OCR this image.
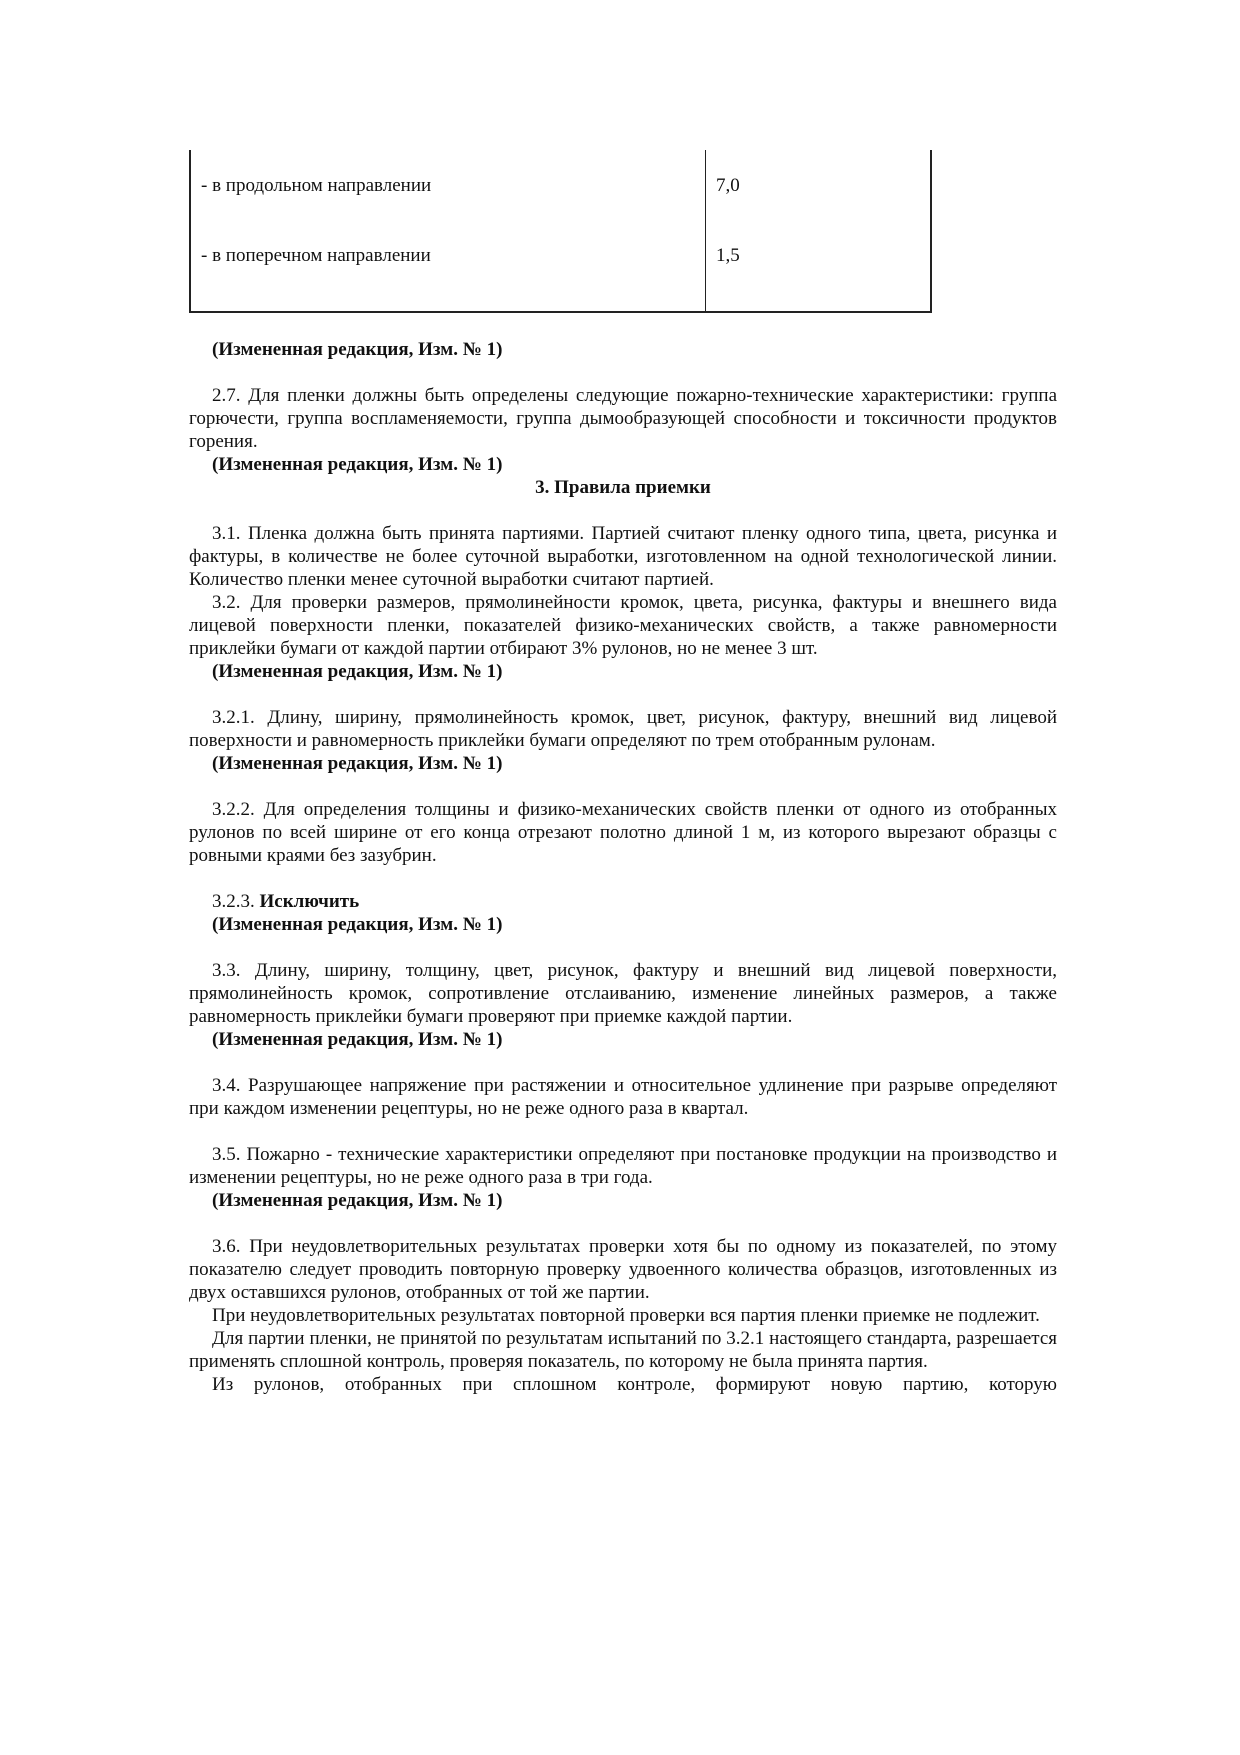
- в продольном направлении	7,0
- в поперечном направлении	1,5

(Измененная редакция, Изм. № 1)

2.7. Для пленки должны быть определены следующие пожарно-технические характеристики: группа горючести, группа воспламеняемости, группа дымообразующей способности и токсичности продуктов горения.

(Измененная редакция, Изм. № 1)

3. Правила приемки

3.1. Пленка должна быть принята партиями. Партией считают пленку одного типа, цвета, рисунка и фактуры, в количестве не более суточной выработки, изготовленном на одной технологической линии. Количество пленки менее суточной выработки считают партией.

3.2. Для проверки размеров, прямолинейности кромок, цвета, рисунка, фактуры и внешнего вида лицевой поверхности пленки, показателей физико-механических свойств, а также равномерности приклейки бумаги от каждой партии отбирают 3% рулонов, но не менее 3 шт.

(Измененная редакция, Изм. № 1)

3.2.1. Длину, ширину, прямолинейность кромок, цвет, рисунок, фактуру, внешний вид лицевой поверхности и равномерность приклейки бумаги определяют по трем отобранным рулонам.

(Измененная редакция, Изм. № 1)

3.2.2. Для определения толщины и физико-механических свойств пленки от одного из отобранных рулонов по всей ширине от его конца отрезают полотно длиной 1 м, из которого вырезают образцы с ровными краями без зазубрин.

3.2.3. Исключить

(Измененная редакция, Изм. № 1)

3.3. Длину, ширину, толщину, цвет, рисунок, фактуру и внешний вид лицевой поверхности, прямолинейность кромок, сопротивление отслаиванию, изменение линейных размеров, а также равномерность приклейки бумаги проверяют при приемке каждой партии.

(Измененная редакция, Изм. № 1)

3.4. Разрушающее напряжение при растяжении и относительное удлинение при разрыве определяют при каждом изменении рецептуры, но не реже одного раза в квартал.

3.5. Пожарно - технические характеристики определяют при постановке продукции на производство и изменении рецептуры, но не реже одного раза в три года.

(Измененная редакция, Изм. № 1)

3.6. При неудовлетворительных результатах проверки хотя бы по одному из показателей, по этому показателю следует проводить повторную проверку удвоенного количества образцов, изготовленных из двух оставшихся рулонов, отобранных от той же партии.

При неудовлетворительных результатах повторной проверки вся партия пленки приемке не подлежит.

Для партии пленки, не принятой по результатам испытаний по 3.2.1 настоящего стандарта, разрешается применять сплошной контроль, проверяя показатель, по которому не была принята партия.

Из рулонов, отобранных при сплошном контроле, формируют новую партию, которую
